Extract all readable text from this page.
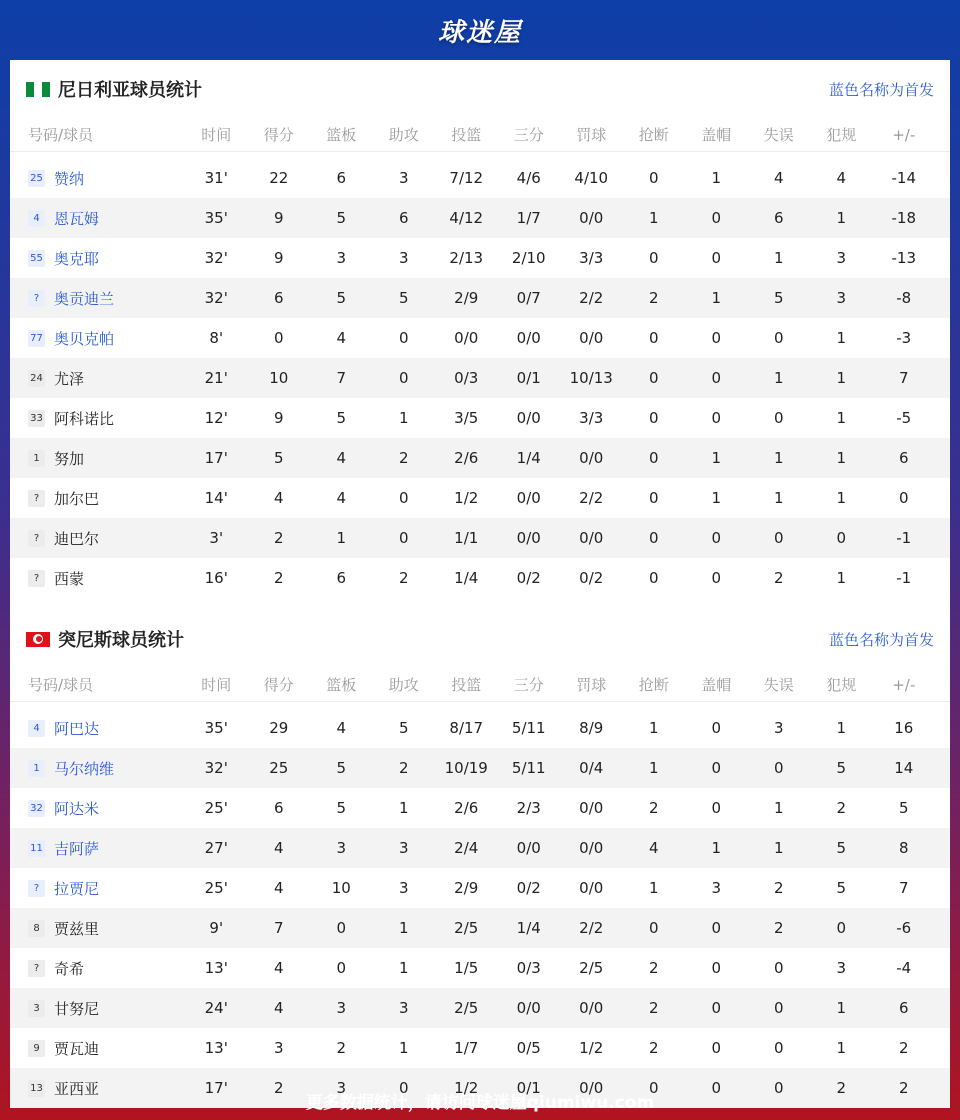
球迷屋
尼日利亚球员统计	蓝色名称为首发
号码/球员	时间	得分	篮板	助攻	投篮	三分	罚球	抢断	盖帽	失误	犯规	+/-
25 赞纳	31'	22	6	3	7/12	4/6	4/10	0	1	4	4	-14
4 恩瓦姆	35'	9	5	6	4/12	1/7	0/0	1	0	6	1	-18
55 奥克耶	32'	9	3	3	2/13	2/10	3/3	0	0	1	3	-13
? 奥贡迪兰	32'	6	5	5	2/9	0/7	2/2	2	1	5	3	-8
77 奥贝克帕	8'	0	4	0	0/0	0/0	0/0	0	0	0	1	-3
24 尤泽	21'	10	7	0	0/3	0/1	10/13	0	0	1	1	7
33 阿科诺比	12'	9	5	1	3/5	0/0	3/3	0	0	0	1	-5
1 努加	17'	5	4	2	2/6	1/4	0/0	0	1	1	1	6
? 加尔巴	14'	4	4	0	1/2	0/0	2/2	0	1	1	1	0
? 迪巴尔	3'	2	1	0	1/1	0/0	0/0	0	0	0	0	-1
? 西蒙	16'	2	6	2	1/4	0/2	0/2	0	0	2	1	-1
突尼斯球员统计	蓝色名称为首发
号码/球员	时间	得分	篮板	助攻	投篮	三分	罚球	抢断	盖帽	失误	犯规	+/-
4 阿巴达	35'	29	4	5	8/17	5/11	8/9	1	0	3	1	16
1 马尔纳维	32'	25	5	2	10/19	5/11	0/4	1	0	0	5	14
32 阿达米	25'	6	5	1	2/6	2/3	0/0	2	0	1	2	5
11 吉阿萨	27'	4	3	3	2/4	0/0	0/0	4	1	1	5	8
? 拉贾尼	25'	4	10	3	2/9	0/2	0/0	1	3	2	5	7
8 贾兹里	9'	7	0	1	2/5	1/4	2/2	0	0	2	0	-6
? 奇希	13'	4	0	1	1/5	0/3	2/5	2	0	0	3	-4
3 甘努尼	24'	4	3	3	2/5	0/0	0/0	2	0	0	1	6
9 贾瓦迪	13'	3	2	1	1/7	0/5	1/2	2	0	0	1	2
13 亚西亚	17'	2	3	0	1/2	0/1	0/0	0	0	0	2	2
更多数据统计，请访问球迷屋qiumiwu.com
